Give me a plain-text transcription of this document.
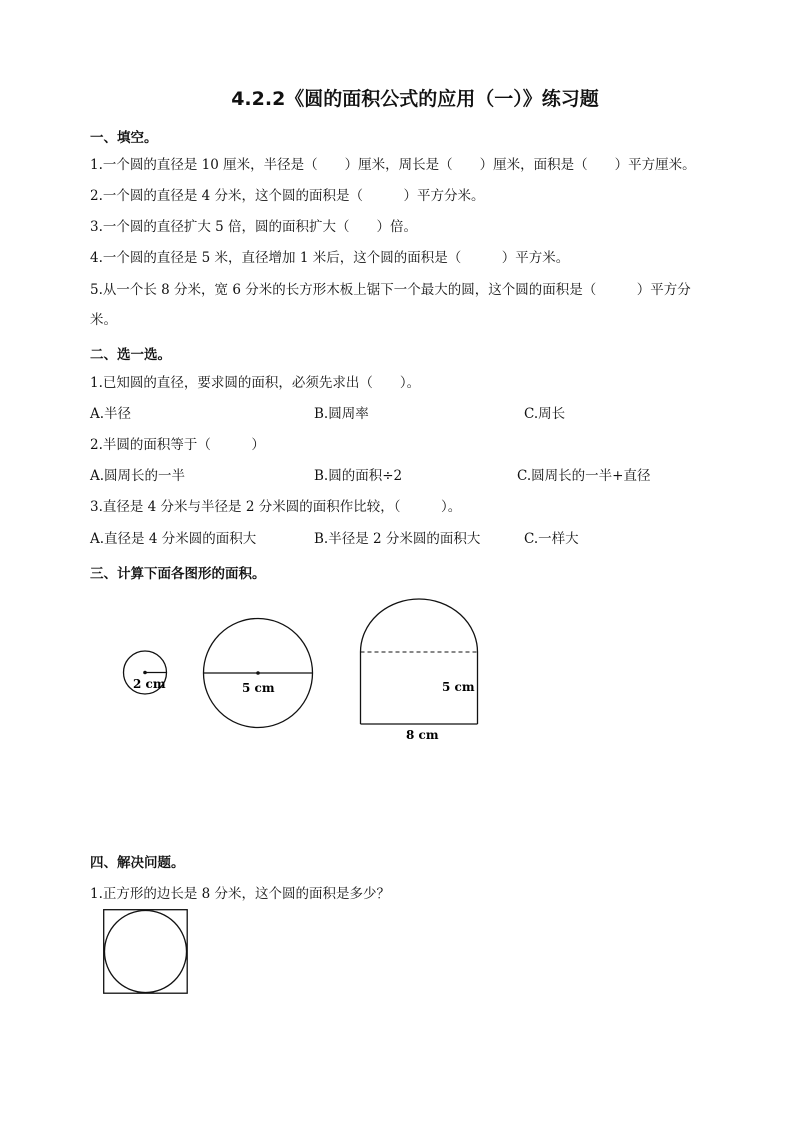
4.2.2《圆的面积公式的应用（一）》练习题
一、填空。
1.一个圆的直径是 10 厘米，半径是（　　）厘米，周长是（　　）厘米，面积是（　　）平方厘米。
2.一个圆的直径是 4 分米，这个圆的面积是（　　　）平方分米。
3.一个圆的直径扩大 5 倍，圆的面积扩大（　　）倍。
4.一个圆的直径是 5 米，直径增加 1 米后，这个圆的面积是（　　　）平方米。
5.从一个长 8 分米，宽 6 分米的长方形木板上锯下一个最大的圆，这个圆的面积是（　　　）平方分
米。
二、选一选。
1.已知圆的直径，要求圆的面积，必须先求出（　　）。
A.半径	B.圆周率	C.周长
2.半圆的面积等于（　　　）
A.圆周长的一半	B.圆的面积÷2	C.圆周长的一半+直径
3.直径是 4 分米与半径是 2 分米圆的面积作比较，（　　　）。
A.直径是 4 分米圆的面积大	B.半径是 2 分米圆的面积大	C.一样大
三、计算下面各图形的面积。
2 cm	5 cm	5 cm
8 cm
四、解决问题。
1.正方形的边长是 8 分米，这个圆的面积是多少？
